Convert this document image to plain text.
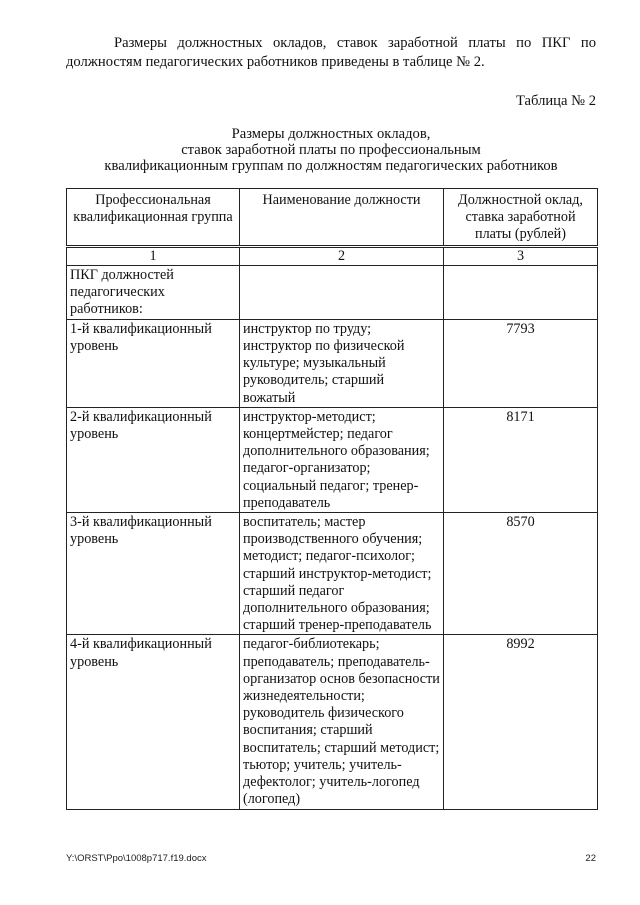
Размеры должностных окладов, ставок заработной платы по ПКГ по должностям педагогических работников приведены в таблице № 2.

Таблица № 2

Размеры должностных окладов,
ставок заработной платы по профессиональным
квалификационным группам по должностям педагогических работников

Профессиональная квалификационная группа	Наименование должности	Должностной оклад, ставка заработной платы (рублей)
1	2	3
ПКГ должностей педагогических работников:		
1-й квалификационный уровень	инструктор по труду; инструктор по физической культуре; музыкальный руководитель; старший вожатый	7793
2-й квалификационный уровень	инструктор-методист; концертмейстер; педагог дополнительного образования; педагог-организатор; социальный педагог; тренер-преподаватель	8171
3-й квалификационный уровень	воспитатель; мастер производственного обучения; методист; педагог-психолог; старший инструктор-методист; старший педагог дополнительного образования; старший тренер-преподаватель	8570
4-й квалификационный уровень	педагог-библиотекарь; преподаватель; преподаватель-организатор основ безопасности жизнедеятельности; руководитель физического воспитания; старший воспитатель; старший методист; тьютор; учитель; учитель-дефектолог; учитель-логопед (логопед)	8992

Y:\ORST\Ppo\1008p717.f19.docx	22
